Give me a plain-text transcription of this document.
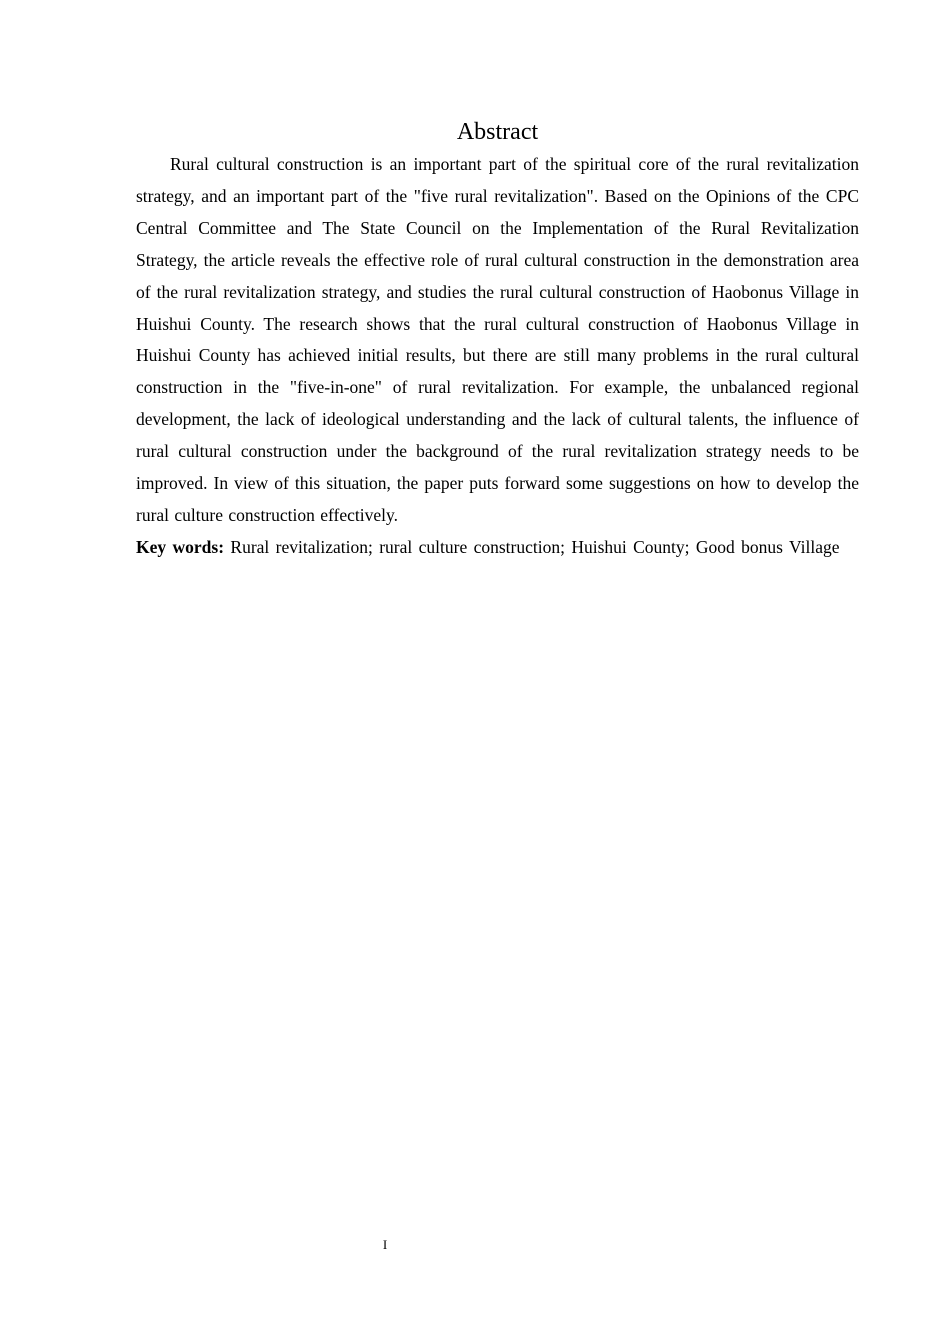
Abstract

Rural cultural construction is an important part of the spiritual core of the rural revitalization strategy, and an important part of the "five rural revitalization". Based on the Opinions of the CPC Central Committee and The State Council on the Implementation of the Rural Revitalization Strategy, the article reveals the effective role of rural cultural construction in the demonstration area of the rural revitalization strategy, and studies the rural cultural construction of Haobonus Village in Huishui County. The research shows that the rural cultural construction of Haobonus Village in Huishui County has achieved initial results, but there are still many problems in the rural cultural construction in the "five-in-one" of rural revitalization. For example, the unbalanced regional development, the lack of ideological understanding and the lack of cultural talents, the influence of rural cultural construction under the background of the rural revitalization strategy needs to be improved. In view of this situation, the paper puts forward some suggestions on how to develop the rural culture construction effectively.

Key words: Rural revitalization; rural culture construction; Huishui County; Good bonus Village

I
